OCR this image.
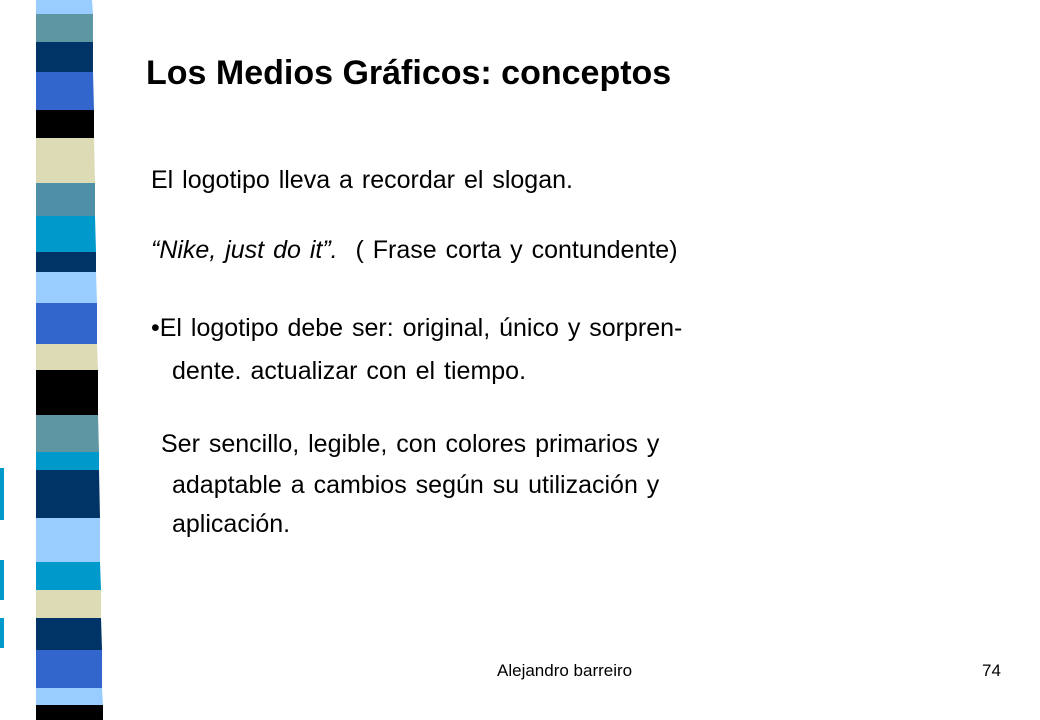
Los Medios Gráficos: conceptos
El logotipo lleva a recordar el slogan.
“Nike, just do it”.  ( Frase corta y contundente)
•El logotipo debe ser: original, único y sorpren-
dente. actualizar con el tiempo.
Ser sencillo, legible, con colores primarios y
adaptable a cambios según su utilización y
aplicación.
Alejandro barreiro	74
